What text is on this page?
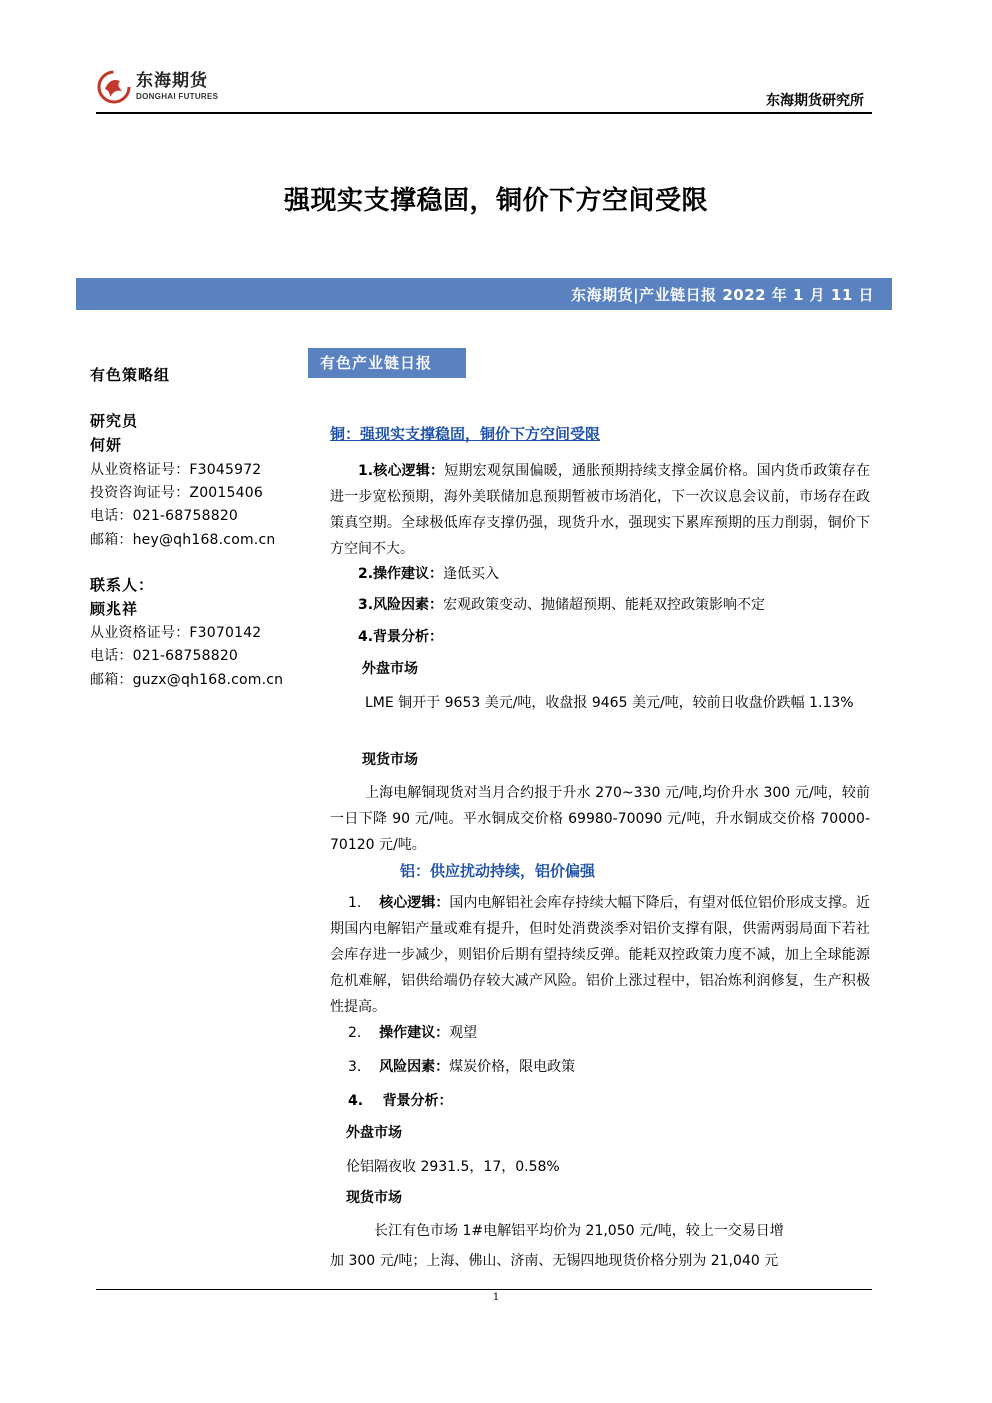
东海期货
DONGHAI FUTURES	东海期货研究所
强现实支撑稳固，铜价下方空间受限
东海期货|产业链日报 2022 年 1 月 11 日
有色策略组
研究员
何妍
从业资格证号：F3045972
投资咨询证号：Z0015406
电话：021-68758820
邮箱：hey@qh168.com.cn
联系人：
顾兆祥
从业资格证号：F3070142
电话：021-68758820
邮箱：guzx@qh168.com.cn
有色产业链日报
铜：强现实支撑稳固，铜价下方空间受限
1.核心逻辑：短期宏观氛围偏暖，通胀预期持续支撑金属价格。国内货币政策存在进一步宽松预期，海外美联储加息预期暂被市场消化，下一次议息会议前，市场存在政策真空期。全球极低库存支撑仍强，现货升水，强现实下累库预期的压力削弱，铜价下方空间不大。
2.操作建议：逢低买入
3.风险因素：宏观政策变动、抛储超预期、能耗双控政策影响不定
4.背景分析：
外盘市场
LME 铜开于 9653 美元/吨，收盘报 9465 美元/吨，较前日收盘价跌幅 1.13%
现货市场
上海电解铜现货对当月合约报于升水 270~330 元/吨,均价升水 300 元/吨，较前一日下降 90 元/吨。平水铜成交价格 69980-70090 元/吨，升水铜成交价格 70000-70120 元/吨。
铝：供应扰动持续，铝价偏强
1. 核心逻辑：国内电解铝社会库存持续大幅下降后，有望对低位铝价形成支撑。近期国内电解铝产量或难有提升，但时处消费淡季对铝价支撑有限，供需两弱局面下若社会库存进一步减少，则铝价后期有望持续反弹。能耗双控政策力度不减，加上全球能源危机难解，铝供给端仍存较大减产风险。铝价上涨过程中，铝冶炼利润修复，生产积极性提高。
2. 操作建议：观望
3. 风险因素：煤炭价格，限电政策
4. 背景分析：
外盘市场
伦铝隔夜收 2931.5，17，0.58%
现货市场
长江有色市场 1#电解铝平均价为 21,050 元/吨，较上一交易日增
加 300 元/吨；上海、佛山、济南、无锡四地现货价格分别为 21,040 元
1
